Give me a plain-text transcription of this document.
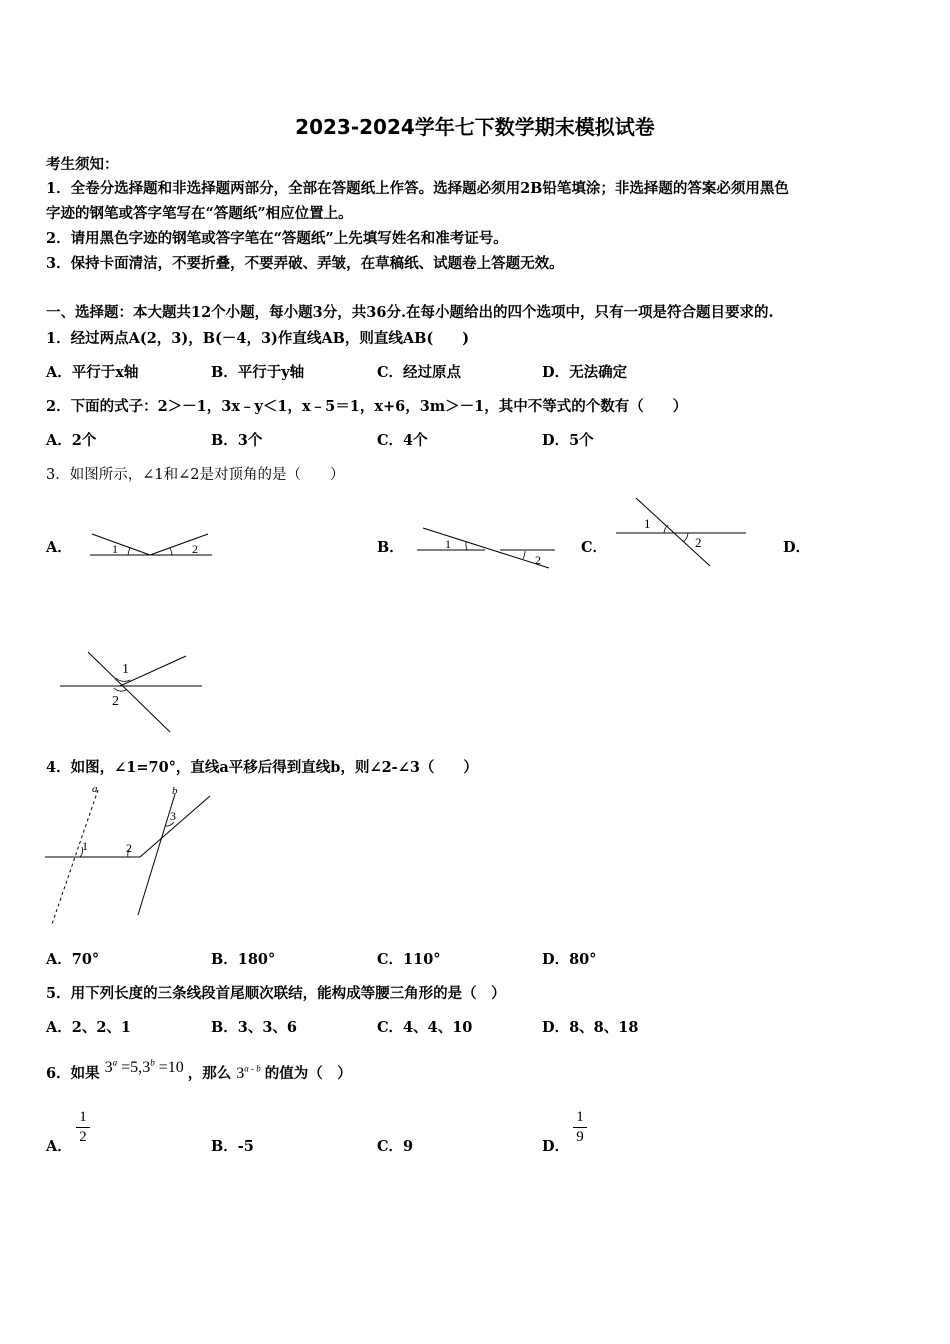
2023-2024学年七下数学期末模拟试卷
考生须知：
1．全卷分选择题和非选择题两部分，全部在答题纸上作答。选择题必须用2B铅笔填涂；非选择题的答案必须用黑色
字迹的钢笔或答字笔写在“答题纸”相应位置上。
2．请用黑色字迹的钢笔或答字笔在“答题纸”上先填写姓名和准考证号。
3．保持卡面清洁，不要折叠，不要弄破、弄皱，在草稿纸、试题卷上答题无效。
一、选择题：本大题共12个小题，每小题3分，共36分.在每小题给出的四个选项中，只有一项是符合题目要求的.
1．经过两点A(2，3)，B(－4，3)作直线AB，则直线AB(　　)
A．平行于x轴	B．平行于y轴	C．经过原点	D．无法确定
2．下面的式子：2＞－1，3x﹣y＜1，x﹣5＝1，x+6，3m＞－1，其中不等式的个数有（　　）
A．2个	B．3个	C．4个	D．5个
3．如图所示，∠1和∠2是对顶角的是（　　）
A．	1	2	B．	1
2
C．
1
2	D．
1
2
4．如图，∠1=70°，直线a平移后得到直线b，则∠2-∠3（　　）
a	b
1	2
3
A．70°	B．180°	C．110°	D．80°
5．用下列长度的三条线段首尾顺次联结，能构成等腰三角形的是（　）
A．2、2、1	B．3、3、6	C．4、4、10	D．8、8、18
6．如果 $3^a =5,3^b =10$ ，那么 3$^{a - b}$ 的值为（　）
A．
1
2
B．-5	C．9	D．
1
9
